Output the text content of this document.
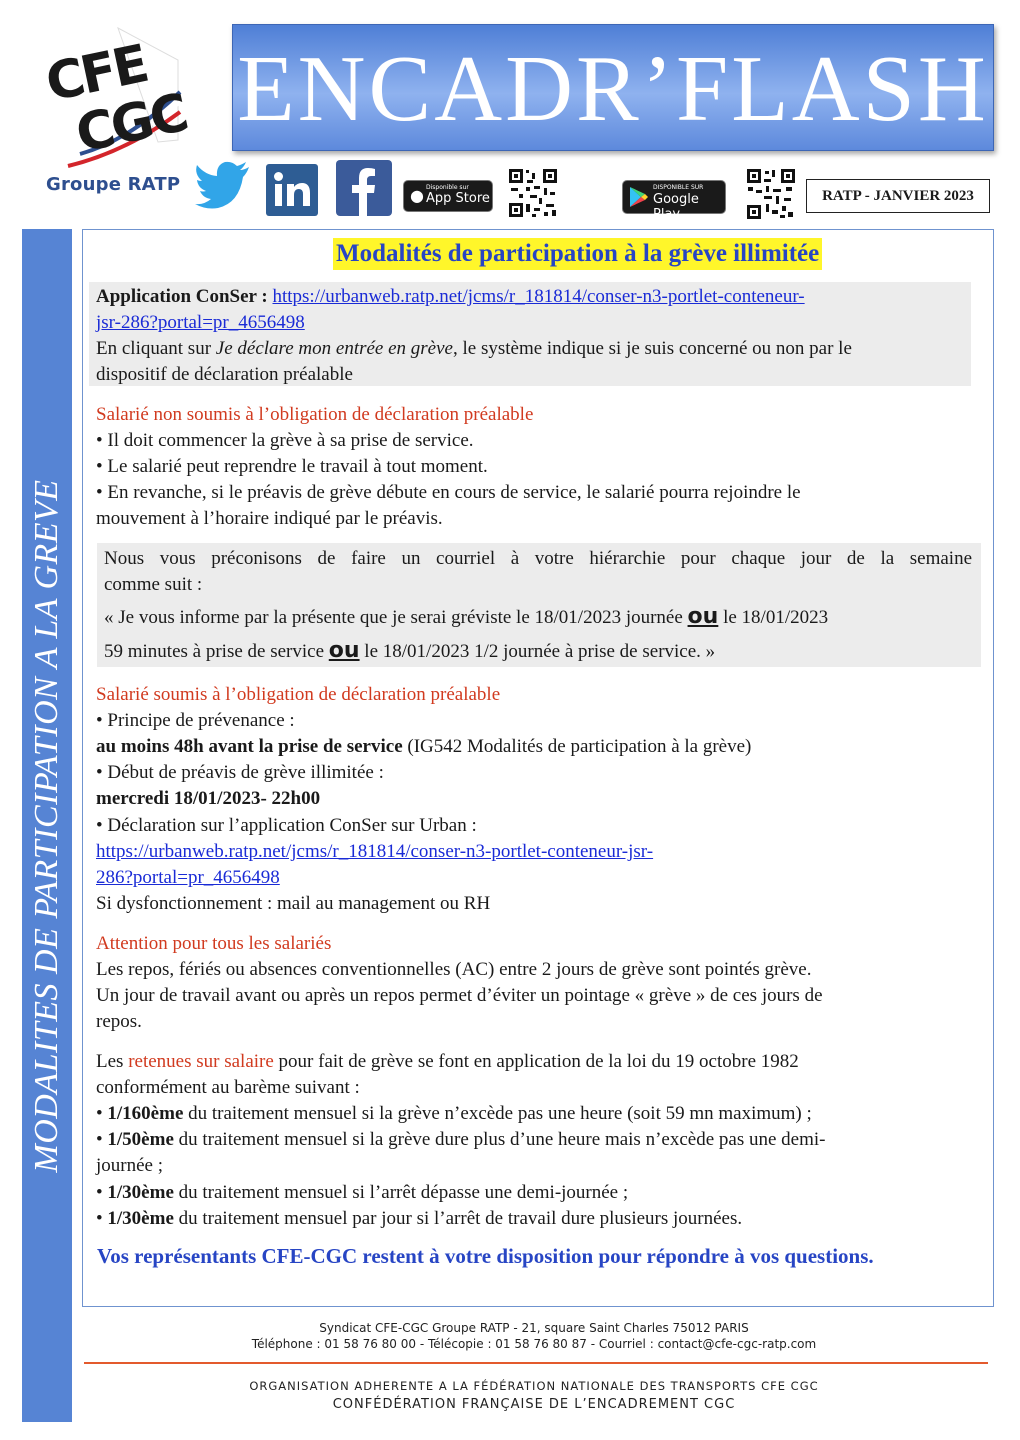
CFE
CGC
Groupe RATP
ENCADR’FLASH
● Disponible sur
App Store
DISPONIBLE SUR
Google Play
RATP - JANVIER 2023
MODALITES DE PARTICIPATION A LA GREVE
Modalités de participation à la grève illimitée
Application ConSer : https://urbanweb.ratp.net/jcms/r_181814/conser-n3-portlet-conteneur-
jsr-286?portal=pr_4656498
En cliquant sur Je déclare mon entrée en grève, le système indique si je suis concerné ou non par le
dispositif de déclaration préalable
Salarié non soumis à l’obligation de déclaration préalable
• Il doit commencer la grève à sa prise de service.
• Le salarié peut reprendre le travail à tout moment.
• En revanche, si le préavis de grève débute en cours de service, le salarié pourra rejoindre le
mouvement à l’horaire indiqué par le préavis.
Nous vous préconisons de faire un courriel à votre hiérarchie pour chaque jour de la semaine
comme suit :
« Je vous informe par la présente que je serai gréviste le 18/01/2023 journée ou le 18/01/2023
59 minutes à prise de service ou le 18/01/2023 1/2 journée à prise de service. »
Salarié soumis à l’obligation de déclaration préalable
• Principe de prévenance :
au moins 48h avant la prise de service (IG542 Modalités de participation à la grève)
• Début de préavis de grève illimitée :
mercredi 18/01/2023- 22h00
• Déclaration sur l’application ConSer sur Urban :
https://urbanweb.ratp.net/jcms/r_181814/conser-n3-portlet-conteneur-jsr-
286?portal=pr_4656498
Si dysfonctionnement : mail au management ou RH
Attention pour tous les salariés
Les repos, fériés ou absences conventionnelles (AC) entre 2 jours de grève sont pointés grève.
Un jour de travail avant ou après un repos permet d’éviter un pointage « grève » de ces jours de
repos.
Les retenues sur salaire pour fait de grève se font en application de la loi du 19 octobre 1982
conformément au barème suivant :
• 1/160ème du traitement mensuel si la grève n’excède pas une heure (soit 59 mn maximum) ;
• 1/50ème du traitement mensuel si la grève dure plus d’une heure mais n’excède pas une demi-
journée ;
• 1/30ème du traitement mensuel si l’arrêt dépasse une demi-journée ;
• 1/30ème du traitement mensuel par jour si l’arrêt de travail dure plusieurs journées.
Vos représentants CFE-CGC restent à votre disposition pour répondre à vos questions.
Syndicat CFE-CGC Groupe RATP - 21, square Saint Charles 75012 PARIS
Téléphone : 01 58 76 80 00 - Télécopie : 01 58 76 80 87 - Courriel : contact@cfe-cgc-ratp.com
ORGANISATION ADHERENTE A LA FÉDÉRATION NATIONALE DES TRANSPORTS CFE CGC
CONFÉDÉRATION FRANÇAISE DE L’ENCADREMENT CGC
